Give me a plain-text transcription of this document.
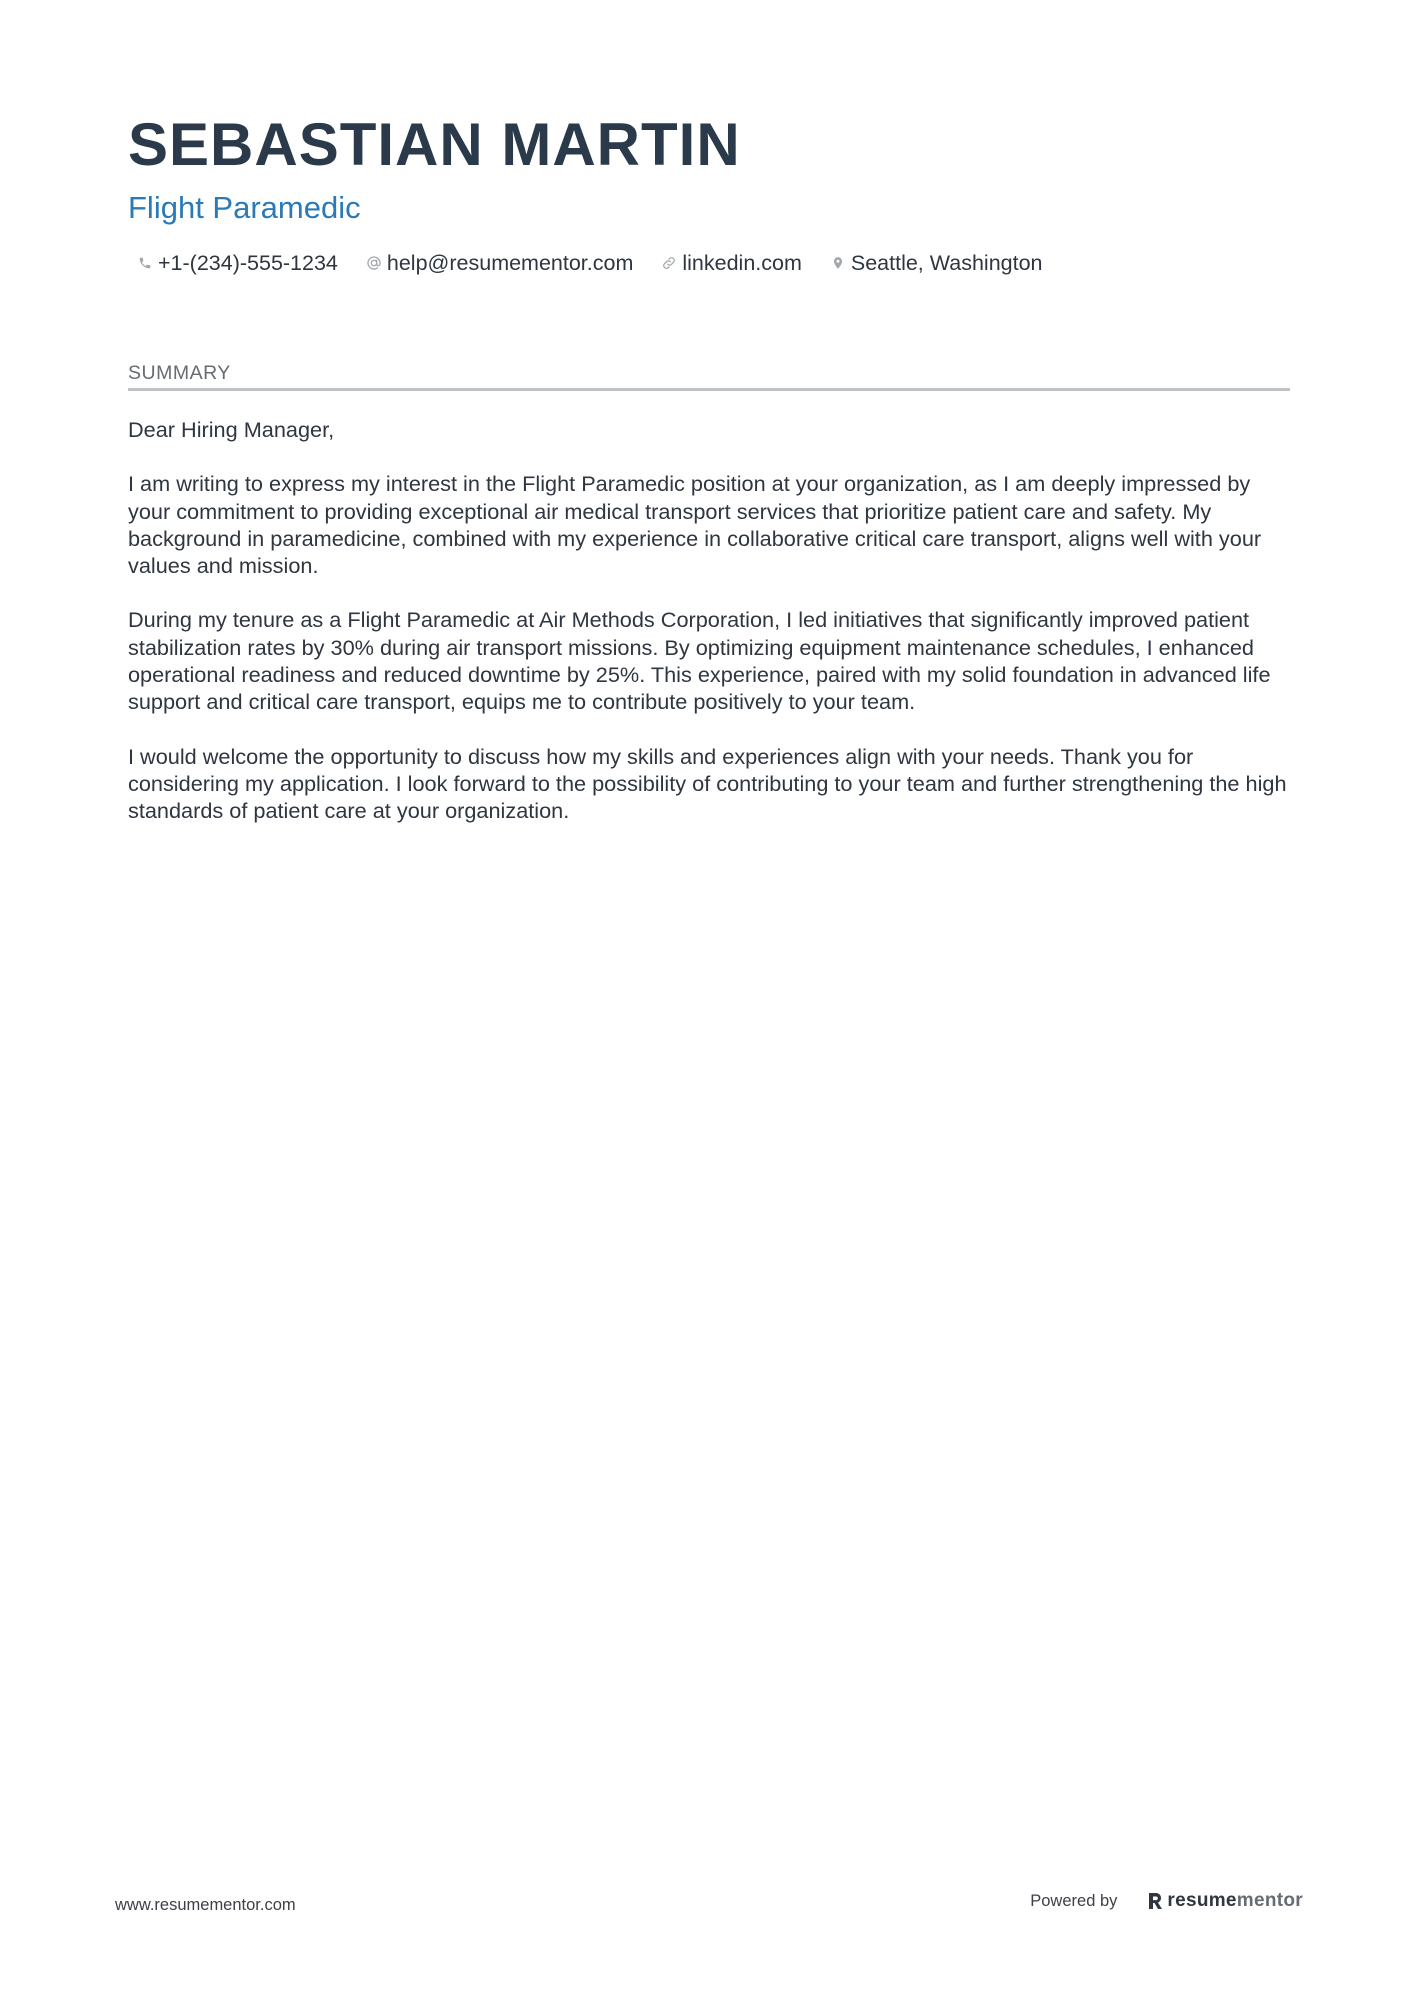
SEBASTIAN MARTIN
Flight Paramedic
+1-(234)-555-1234 help@resumementor.com linkedin.com Seattle, Washington
SUMMARY

Dear Hiring Manager,

I am writing to express my interest in the Flight Paramedic position at your organization, as I am deeply impressed by your commitment to providing exceptional air medical transport services that prioritize patient care and safety. My background in paramedicine, combined with my experience in collaborative critical care transport, aligns well with your values and mission.

During my tenure as a Flight Paramedic at Air Methods Corporation, I led initiatives that significantly improved patient stabilization rates by 30% during air transport missions. By optimizing equipment maintenance schedules, I enhanced operational readiness and reduced downtime by 25%. This experience, paired with my solid foundation in advanced life support and critical care transport, equips me to contribute positively to your team.

I would welcome the opportunity to discuss how my skills and experiences align with your needs. Thank you for considering my application. I look forward to the possibility of contributing to your team and further strengthening the high standards of patient care at your organization.

www.resumementor.com	Powered by	resume mentor
